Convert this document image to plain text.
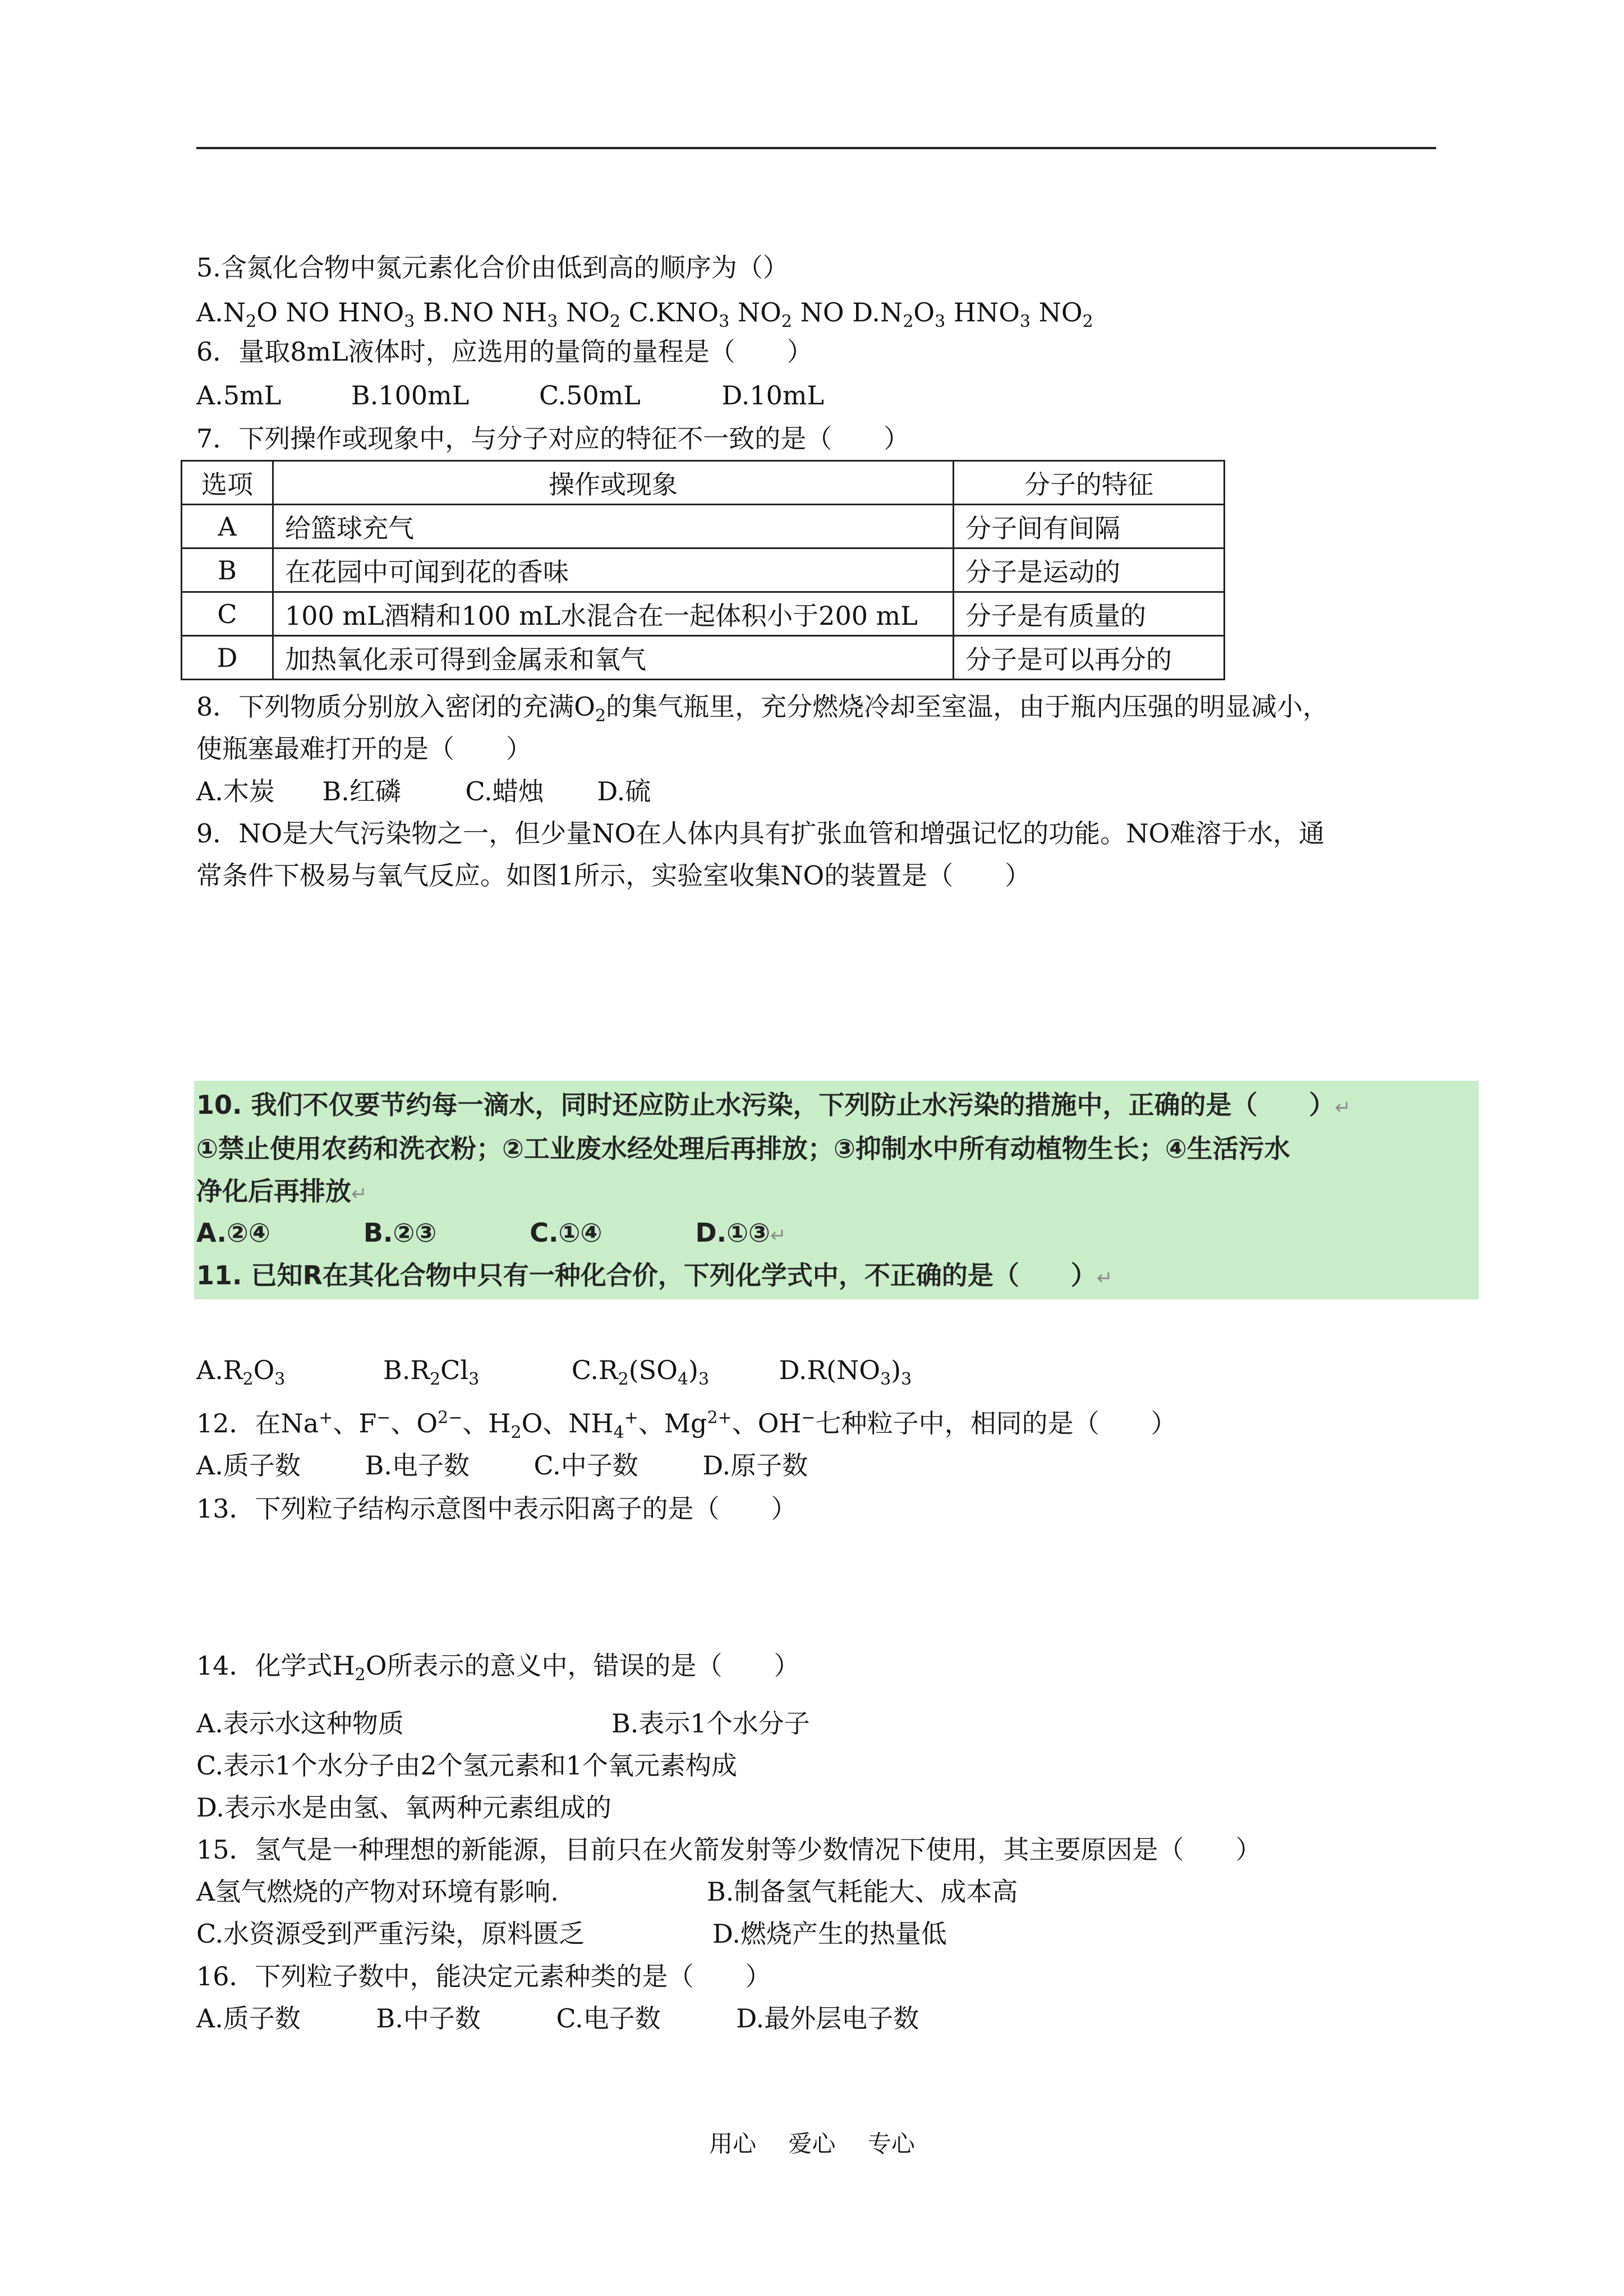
5.含氮化合物中氮元素化合价由低到高的顺序为（）
$A.N_2O$ NO $HNO_3$ B.NO $NH_3$ $NO_2$ $C.KNO_3$ $NO_2$ NO $D.N_2O_3$ $HNO_3$ $NO_2$
6．量取8mL液体时，应选用的量筒的量程是（　　）
A.5mL	B.100mL	C.50mL	D.10mL
7．下列操作或现象中，与分子对应的特征不一致的是（　　）
选项	操作或现象	分子的特征
A	给篮球充气	分子间有间隔
B	在花园中可闻到花的香味	分子是运动的
C	100 mL酒精和100 mL水混合在一起体积小于200 mL	分子是有质量的
D	加热氧化汞可得到金属汞和氧气	分子是可以再分的
8．下列物质分别放入密闭的充满$O_2$的集气瓶里，充分燃烧冷却至室温，由于瓶内压强的明显减小，
使瓶塞最难打开的是（　　）
A.木炭 B.红磷 C.蜡烛 D.硫
9．NO是大气污染物之一，但少量NO在人体内具有扩张血管和增强记忆的功能。NO难溶于水，通
常条件下极易与氧气反应。如图1所示，实验室收集NO的装置是（　　）
10. 我们不仅要节约每一滴水，同时还应防止水污染，下列防止水污染的措施中，正确的是（　　）↵
①禁止使用农药和洗衣粉；②工业废水经处理后再排放；③抑制水中所有动植物生长；④生活污水
净化后再排放↵
A.②④	B.②③	C.①④	D.①③↵
11. 已知R在其化合物中只有一种化合价，下列化学式中，不正确的是（　　）↵
$A.R_2O_3$	$B.R_2Cl_3$	$C.R_2(SO_4)_3$	$D.R(NO_3)_3$
12．在Na+、F−、$O^{2-}$、$H_2O$、$NH_4^+$、$Mg^{2+}$、OH−七种粒子中，相同的是（　　）
A.质子数 B.电子数 C.中子数 D.原子数
13．下列粒子结构示意图中表示阳离子的是（　　）
14．化学式$H_2O$所表示的意义中，错误的是（　　）
A.表示水这种物质	B.表示1个水分子
C.表示1个水分子由2个氢元素和1个氧元素构成
D.表示水是由氢、氧两种元素组成的
15．氢气是一种理想的新能源，目前只在火箭发射等少数情况下使用，其主要原因是（　　）
A氢气燃烧的产物对环境有影响.	B.制备氢气耗能大、成本高
C.水资源受到严重污染，原料匮乏	D.燃烧产生的热量低
16．下列粒子数中，能决定元素种类的是（　　）
A.质子数	B.中子数	C.电子数	D.最外层电子数
用心 爱心 专心
